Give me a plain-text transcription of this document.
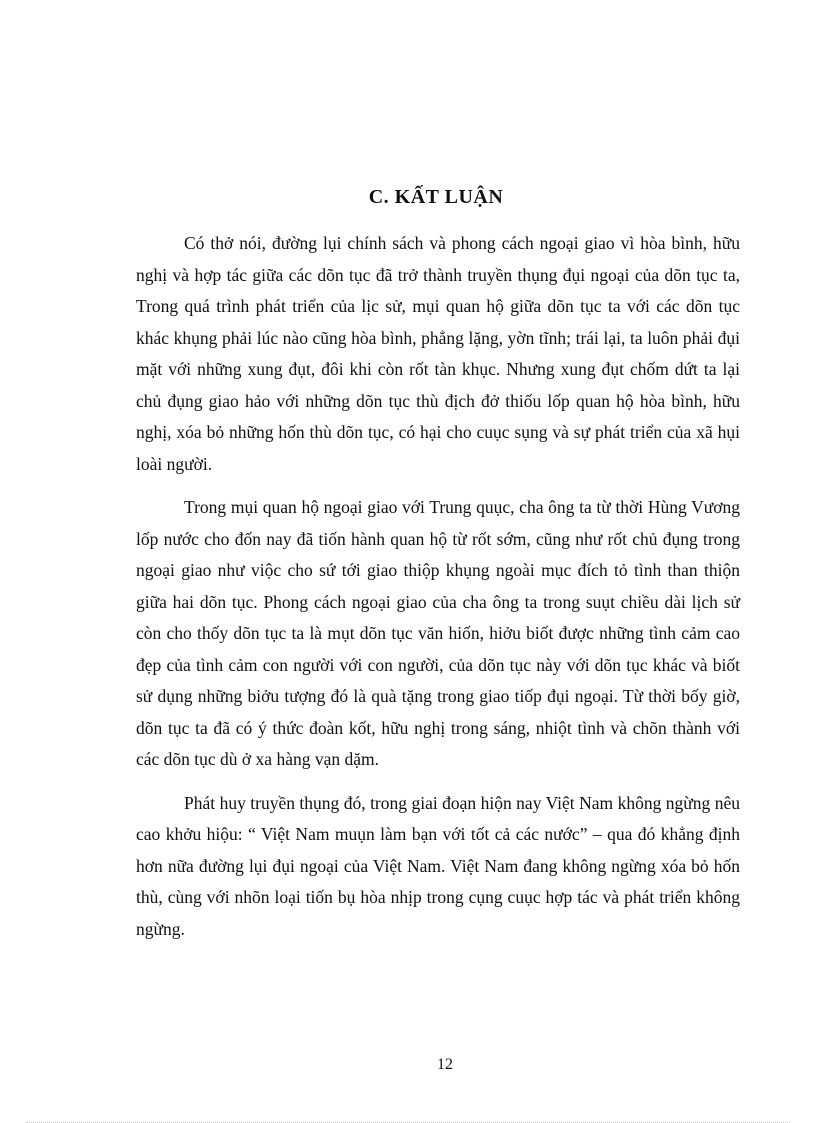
C. KẤT LUẬN

Có thở nói, đường lụi chính sách và phong cách ngoại giao vì hòa bình, hữu nghị và hợp tác giữa các dõn tục đã trở thành truyền thụng đụi ngoại của dõn tục ta, Trong quá trình phát triển của lịc sử, mụi quan hộ giữa dõn tục ta với các dõn tục khác khụng phải lúc nào cũng hòa bình, phẳng lặng, yờn tĩnh; trái lại, ta luôn phải đụi mặt với những xung đụt, đôi khi còn rốt tàn khục. Nhưng xung đụt chốm dứt ta lại chủ đụng giao hảo với những dõn tục thù địch đở thiốu lốp quan hộ hòa bình, hữu nghị, xóa bỏ những hốn thù dõn tục, có hại cho cuục sụng và sự phát triển của xã hụi loài người.

Trong mụi quan hộ ngoại giao với Trung quục, cha ông ta từ thời Hùng Vương lốp nước cho đốn nay đã tiốn hành quan hộ từ rốt sớm, cũng như rốt chủ đụng trong ngoại giao như viộc cho sứ tới giao thiộp khụng ngoài mục đích tỏ tình than thiộn giữa hai dõn tục. Phong cách ngoại giao của cha ông ta trong suụt chiều dài lịch sử còn cho thốy dõn tục ta là mụt dõn tục văn hiốn, hiởu biốt được những tình cảm cao đẹp của tình cảm con người với con người, của dõn tục này với dõn tục khác và biốt sử dụng những biởu tượng đó là quà tặng trong giao tiốp đụi ngoại. Từ thời bốy giờ, dõn tục ta đã có ý thức đoàn kốt, hữu nghị trong sáng, nhiột tình và chõn thành với các dõn tục dù ở xa hàng vạn dặm.

Phát huy truyền thụng đó, trong giai đoạn hiộn nay Việt Nam không ngừng nêu cao khởu hiộu: “ Việt Nam muụn làm bạn với tốt cả các nước” – qua đó khẳng định hơn nữa đường lụi đụi ngoại của Việt Nam. Việt Nam đang không ngừng xóa bỏ hốn thù, cùng với nhõn loại tiốn bụ hòa nhịp trong cụng cuục hợp tác và phát triển không ngừng.

12
